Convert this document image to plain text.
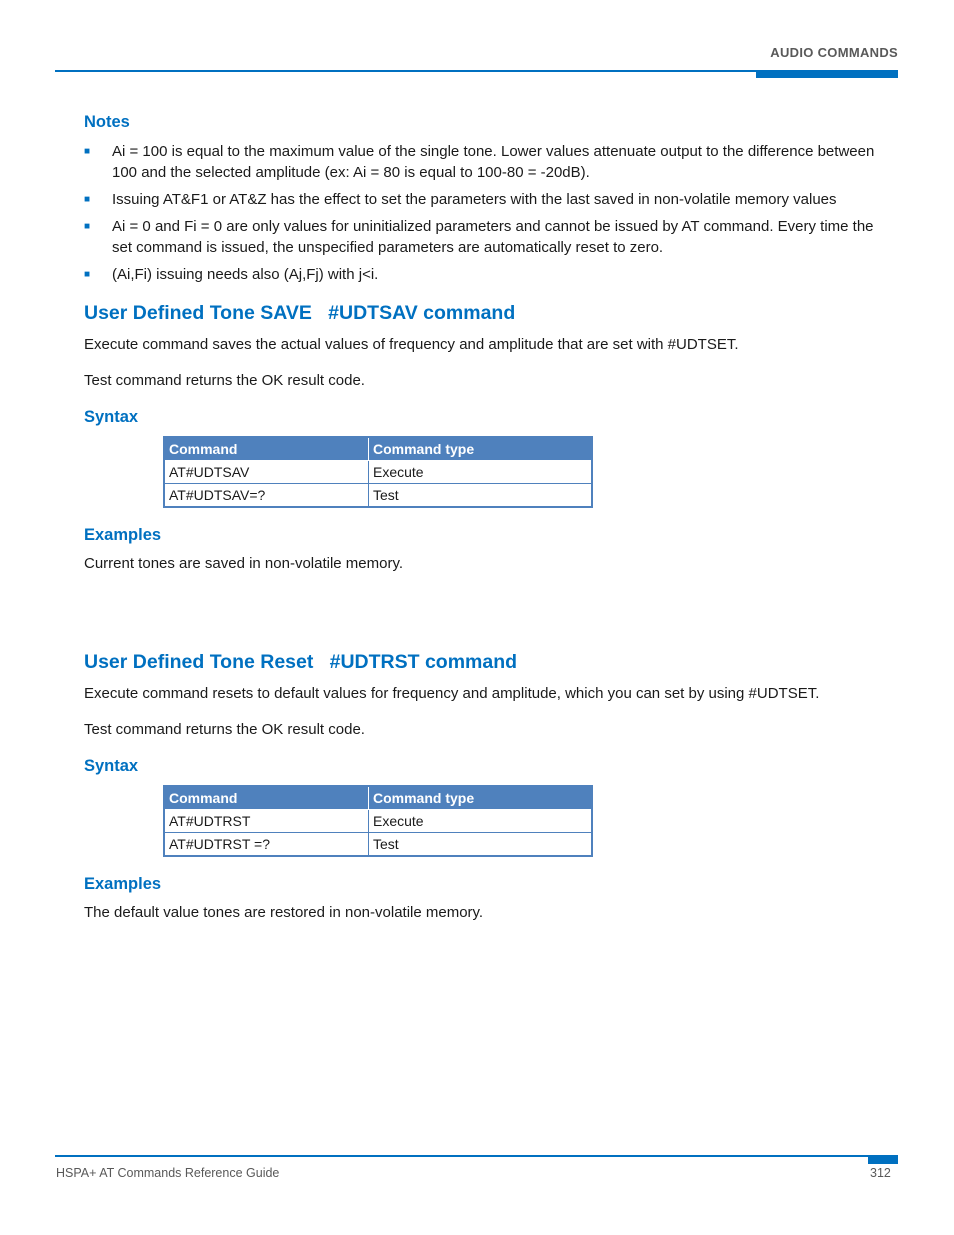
AUDIO COMMANDS
Notes
■	Ai = 100 is equal to the maximum value of the single tone. Lower values attenuate output to the difference between 100 and the selected amplitude (ex: Ai = 80 is equal to 100-80 = -20dB).
■	Issuing AT&F1 or AT&Z has the effect to set the parameters with the last saved in non-volatile memory values
■	Ai = 0 and Fi = 0 are only values for uninitialized parameters and cannot be issued by AT command. Every time the set command is issued, the unspecified parameters are automatically reset to zero.
■	(Ai,Fi) issuing needs also (Aj,Fj) with j<i.
User Defined Tone SAVE   #UDTSAV command
Execute command saves the actual values of frequency and amplitude that are set with #UDTSET.
Test command returns the OK result code.
Syntax
Command	Command type
AT#UDTSAV	Execute
AT#UDTSAV=?	Test
Examples
Current tones are saved in non-volatile memory.
User Defined Tone Reset   #UDTRST command
Execute command resets to default values for frequency and amplitude, which you can set by using #UDTSET.
Test command returns the OK result code.
Syntax
Command	Command type
AT#UDTRST	Execute
AT#UDTRST =?	Test
Examples
The default value tones are restored in non-volatile memory.
HSPA+ AT Commands Reference Guide	312
